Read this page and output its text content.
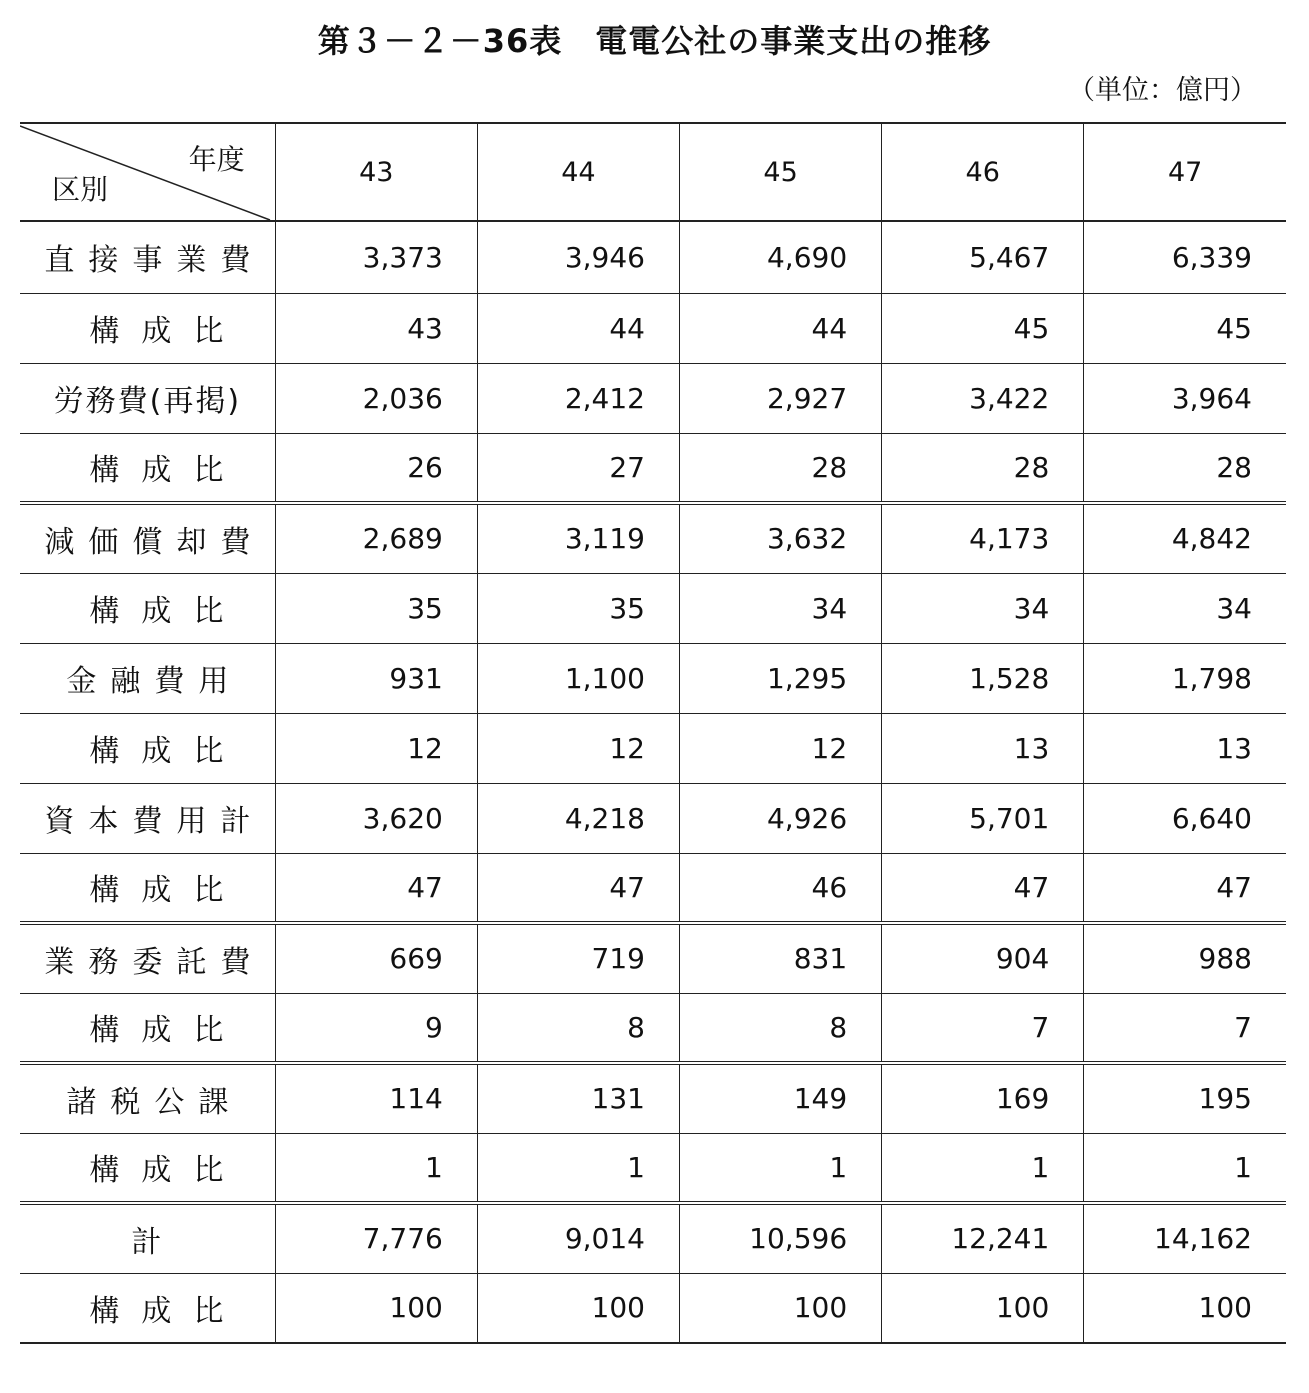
第３－２－36表　電電公社の事業支出の推移
（単位：億円）
年度
区別	43	44	45	46	47
直接事業費	3,373	3,946	4,690	5,467	6,339
構成比	43	44	44	45	45
労務費(再掲)	2,036	2,412	2,927	3,422	3,964
構成比	26	27	28	28	28
減価償却費	2,689	3,119	3,632	4,173	4,842
構成比	35	35	34	34	34
金融費用	931	1,100	1,295	1,528	1,798
構成比	12	12	12	13	13
資本費用計	3,620	4,218	4,926	5,701	6,640
構成比	47	47	46	47	47
業務委託費	669	719	831	904	988
構成比	9	8	8	7	7
諸税公課	114	131	149	169	195
構成比	1	1	1	1	1
計	7,776	9,014	10,596	12,241	14,162
構成比	100	100	100	100	100
